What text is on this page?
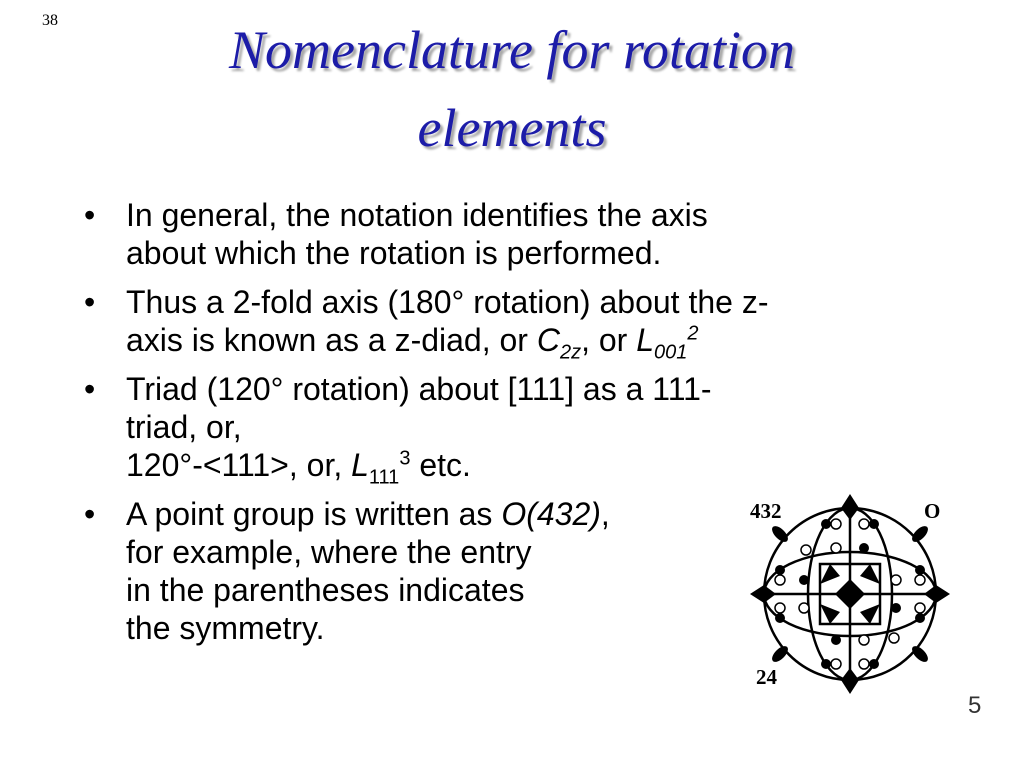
38	Nomenclature for rotation
elements
• In general, the notation identifies the axis
about which the rotation is performed.
• Thus a 2-fold axis (180° rotation) about the z-
axis is known as a z-diad, or $C_{2z}$, or $L_{001}^2$
• Triad (120° rotation) about [111] as a 111-
triad, or,
120°-<111>, or, $L_{111}^3$ etc.
• A point group is written as O(432),
for example, where the entry
in the parentheses indicates
the symmetry.
432	O
24
5
